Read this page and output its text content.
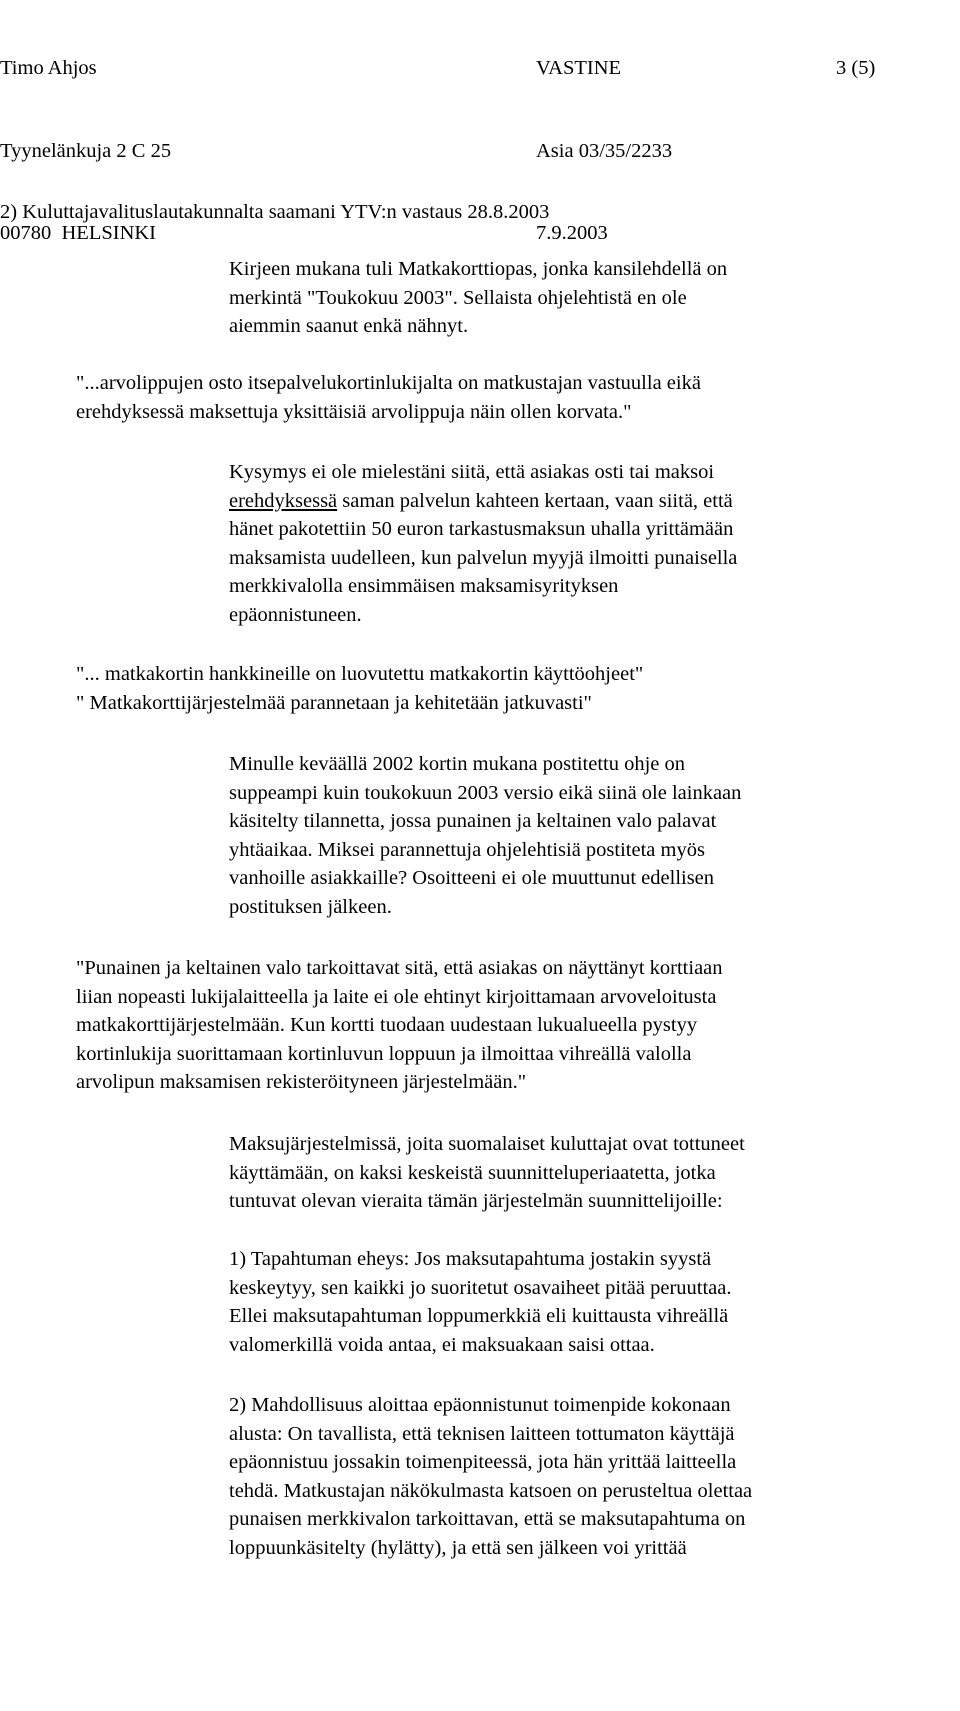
Timo Ahjos

Tyynelänkuja 2 C 25

00780  HELSINKI

VASTINE

Asia 03/35/2233

7.9.2003

3 (5)
2) Kuluttajavalituslautakunnalta saamani YTV:n vastaus 28.8.2003
Kirjeen mukana tuli Matkakorttiopas, jonka kansilehdellä on
merkintä "Toukokuu 2003". Sellaista ohjelehtistä en ole
aiemmin saanut enkä nähnyt.
"...arvolippujen osto itsepalvelukortinlukijalta on matkustajan vastuulla eikä
erehdyksessä maksettuja yksittäisiä arvolippuja näin ollen korvata."
Kysymys ei ole mielestäni siitä, että asiakas osti tai maksoi
erehdyksessä saman palvelun kahteen kertaan, vaan siitä, että
hänet pakotettiin 50 euron tarkastusmaksun uhalla yrittämään
maksamista uudelleen, kun palvelun myyjä ilmoitti punaisella
merkkivalolla ensimmäisen maksamisyrityksen
epäonnistuneen.
"... matkakortin hankkineille on luovutettu matkakortin käyttöohjeet"
" Matkakorttijärjestelmää parannetaan ja kehitetään jatkuvasti"
Minulle keväällä 2002 kortin mukana postitettu ohje on
suppeampi kuin toukokuun 2003 versio eikä siinä ole lainkaan
käsitelty tilannetta, jossa punainen ja keltainen valo palavat
yhtäaikaa. Miksei parannettuja ohjelehtisiä postiteta myös
vanhoille asiakkaille? Osoitteeni ei ole muuttunut edellisen
postituksen jälkeen.
"Punainen ja keltainen valo tarkoittavat sitä, että asiakas on näyttänyt korttiaan
liian nopeasti lukijalaitteella ja laite ei ole ehtinyt kirjoittamaan arvoveloitusta
matkakorttijärjestelmään. Kun kortti tuodaan uudestaan lukualueella pystyy
kortinlukija suorittamaan kortinluvun loppuun ja ilmoittaa vihreällä valolla
arvolipun maksamisen rekisteröityneen järjestelmään."
Maksujärjestelmissä, joita suomalaiset kuluttajat ovat tottuneet
käyttämään, on kaksi keskeistä suunnitteluperiaatetta, jotka
tuntuvat olevan vieraita tämän järjestelmän suunnittelijoille:
1) Tapahtuman eheys: Jos maksutapahtuma jostakin syystä
keskeytyy, sen kaikki jo suoritetut osavaiheet pitää peruuttaa.
Ellei maksutapahtuman loppumerkkiä eli kuittausta vihreällä
valomerkillä voida antaa, ei maksuakaan saisi ottaa.
2) Mahdollisuus aloittaa epäonnistunut toimenpide kokonaan
alusta: On tavallista, että teknisen laitteen tottumaton käyttäjä
epäonnistuu jossakin toimenpiteessä, jota hän yrittää laitteella
tehdä. Matkustajan näkökulmasta katsoen on perusteltua olettaa
punaisen merkkivalon tarkoittavan, että se maksutapahtuma on
loppuunkäsitelty (hylätty), ja että sen jälkeen voi yrittää
